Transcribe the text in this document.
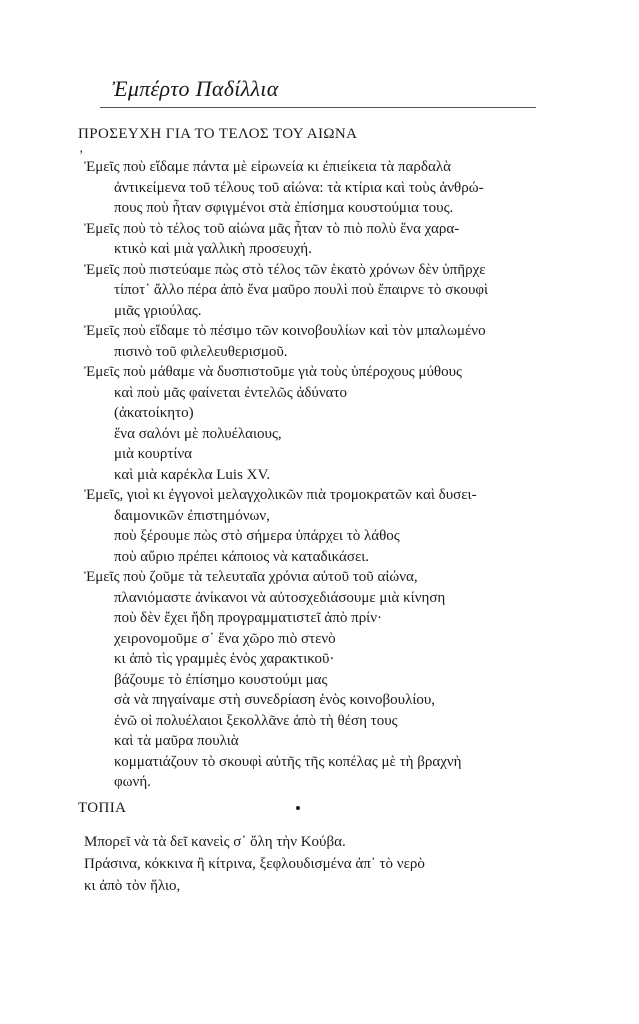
Ἐμπέρτο Παδίλλια
ΠΡΟΣΕΥΧΗ ΓΙΑ ΤΟ ΤΕΛΟΣ ΤΟΥ ΑΙΩΝΑ
’
Ἐμεῖς ποὺ εἴδαμε πάντα μὲ εἰρωνεία κι ἐπιείκεια τὰ παρδαλὰ
ἀντικείμενα τοῦ τέλους τοῦ αἰώνα: τὰ κτίρια καὶ τοὺς ἀνθρώ-
πους ποὺ ἦταν σφιγμένοι στὰ ἐπίσημα κουστούμια τους.
Ἐμεῖς ποὺ τὸ τέλος τοῦ αἰώνα μᾶς ἦταν τὸ πιὸ πολὺ ἕνα χαρα-
κτικὸ καὶ μιὰ γαλλικὴ προσευχή.
Ἐμεῖς ποὺ πιστεύαμε πὼς στὸ τέλος τῶν ἑκατὸ χρόνων δὲν ὑπῆρχε
τίποτ᾽ ἄλλο πέρα ἀπὸ ἕνα μαῦρο πουλὶ ποὺ ἔπαιρνε τὸ σκουφὶ
μιᾶς γριούλας.
Ἐμεῖς ποὺ εἴδαμε τὸ πέσιμο τῶν κοινοβουλίων καὶ τὸν μπαλωμένο
πισινὸ τοῦ φιλελευθερισμοῦ.
Ἐμεῖς ποὺ μάθαμε νὰ δυσπιστοῦμε γιὰ τοὺς ὑπέροχους μύθους
καὶ ποὺ μᾶς φαίνεται ἐντελῶς ἀδύνατο
(ἀκατοίκητο)
ἕνα σαλόνι μὲ πολυέλαιους,
μιὰ κουρτίνα
καὶ μιὰ καρέκλα Luis XV.
Ἐμεῖς, γιοὶ κι ἐγγονοὶ μελαγχολικῶν πιὰ τρομοκρατῶν καὶ δυσει-
δαιμονικῶν ἐπιστημόνων,
ποὺ ξέρουμε πὼς στὸ σήμερα ὑπάρχει τὸ λάθος
ποὺ αὔριο πρέπει κάποιος νὰ καταδικάσει.
Ἐμεῖς ποὺ ζοῦμε τὰ τελευταῖα χρόνια αὐτοῦ τοῦ αἰώνα,
πλανιόμαστε ἀνίκανοι νὰ αὐτοσχεδιάσουμε μιὰ κίνηση
ποὺ δὲν ἔχει ἤδη προγραμματιστεῖ ἀπὸ πρίν·
χειρονομοῦμε σ᾽ ἕνα χῶρο πιὸ στενὸ
κι ἀπὸ τὶς γραμμὲς ἑνὸς χαρακτικοῦ·
βάζουμε τὸ ἐπίσημο κουστούμι μας
σὰ νὰ πηγαίναμε στὴ συνεδρίαση ἑνὸς κοινοβουλίου,
ἐνῶ οἱ πολυέλαιοι ξεκολλᾶνε ἀπὸ τὴ θέση τους
καὶ τὰ μαῦρα πουλιὰ
κομματιάζουν τὸ σκουφὶ αὐτῆς τῆς κοπέλας μὲ τὴ βραχνὴ
φωνή.
ΤΟΠΙΑ
Μπορεῖ νὰ τὰ δεῖ κανεὶς σ᾽ ὅλη τὴν Κούβα.
Πράσινα, κόκκινα ἢ κίτρινα, ξεφλουδισμένα ἀπ᾽ τὸ νερὸ
κι ἀπὸ τὸν ἥλιο,
